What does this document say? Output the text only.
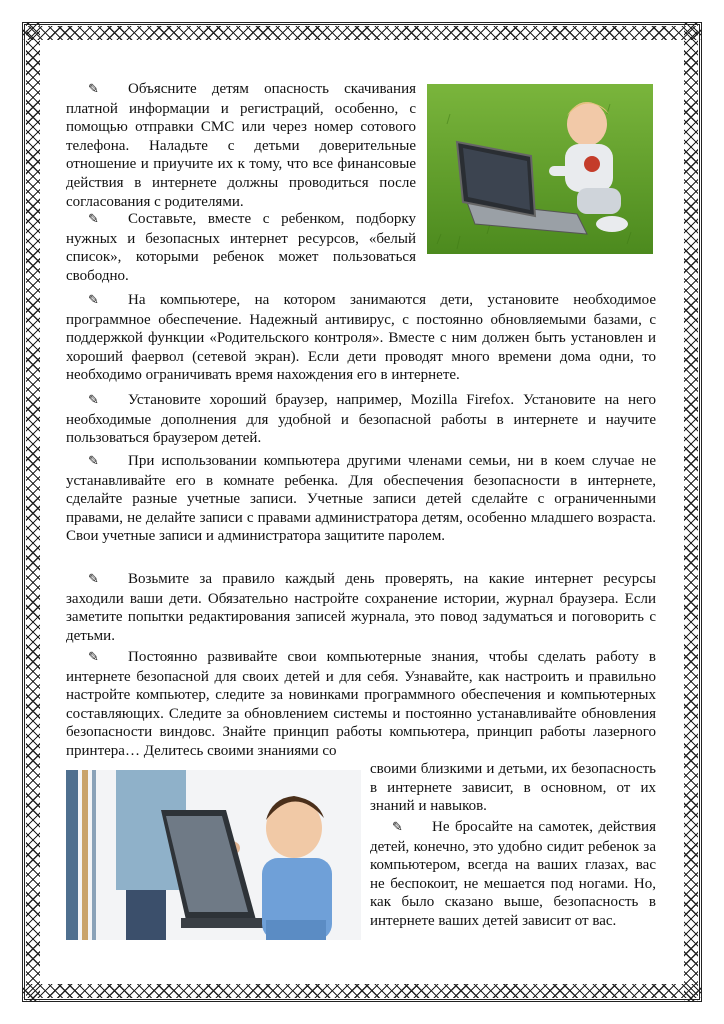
✎ Объясните детям опасность скачивания платной информации и регистраций, особенно, с помощью отправки СМС или через номер сотового телефона. Наладьте с детьми доверительные отношение и приучите их к тому, что все финансовые действия в интернете должны проводиться после согласования с родителями.

✎ Составьте, вместе с ребенком, подборку нужных и безопасных интернет ресурсов, «белый список», которыми ребенок может пользоваться свободно.

✎ На компьютере, на котором занимаются дети, установите необходимое программное обеспечение. Надежный антивирус, с постоянно обновляемыми базами, с поддержкой функции «Родительского контроля». Вместе с ним должен быть установлен и хороший фаервол (сетевой экран). Если дети проводят много времени дома одни, то необходимо ограничивать время нахождения его в интернете.

✎ Установите хороший браузер, например, Mozilla Firefox. Установите на него необходимые дополнения для удобной и безопасной работы в интернете и научите пользоваться браузером детей.

✎ При использовании компьютера другими членами семьи, ни в коем случае не устанавливайте его в комнате ребенка. Для обеспечения безопасности в интернете, сделайте разные учетные записи. Учетные записи детей сделайте с ограниченными правами, не делайте записи с правами администратора детям, особенно младшего возраста. Свои учетные записи и администратора защитите паролем.

✎ Возьмите за правило каждый день проверять, на какие интернет ресурсы заходили ваши дети. Обязательно настройте сохранение истории, журнал браузера. Если заметите попытки редактирования записей журнала, это повод задуматься и поговорить с детьми.

✎ Постоянно развивайте свои компьютерные знания, чтобы сделать работу в интернете безопасной для своих детей и для себя. Узнавайте, как настроить и правильно настройте компьютер, следите за новинками программного обеспечения и компьютерных составляющих. Следите за обновлением системы и постоянно устанавливайте обновления безопасности виндовс. Знайте принцип работы компьютера, принцип работы лазерного принтера… Делитесь своими знаниями со

своими близкими и детьми, их безопасность в интернете зависит, в основном, от их знаний и навыков.

✎ Не бросайте на самотек, действия детей, конечно, это удобно сидит ребенок за компьютером, всегда на ваших глазах, вас не беспокоит, не мешается под ногами. Но, как было сказано выше, безопасность в интернете ваших детей зависит от вас.
